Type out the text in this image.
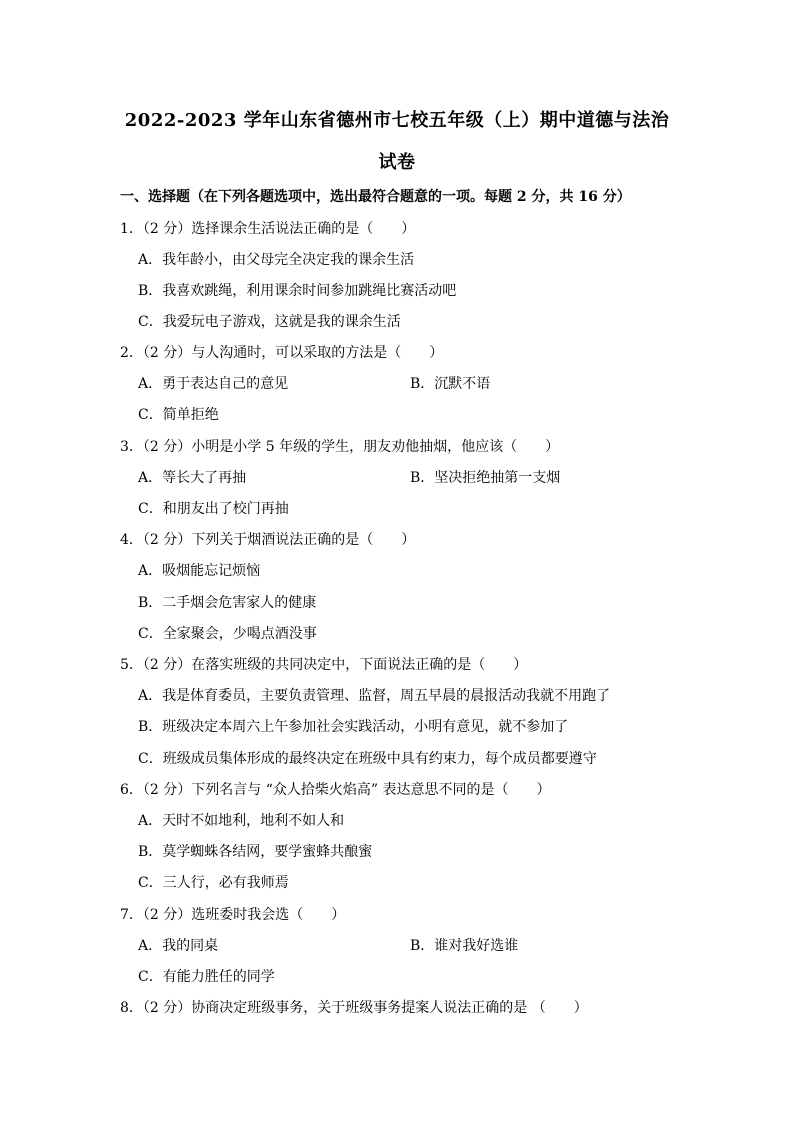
2022-2023 学年山东省德州市七校五年级（上）期中道德与法治
试卷
一、选择题（在下列各题选项中，选出最符合题意的一项。每题 2 分，共 16 分）
1．（2 分）选择课余生活说法正确的是（　　）
A．我年龄小，由父母完全决定我的课余生活
B．我喜欢跳绳，利用课余时间参加跳绳比赛活动吧
C．我爱玩电子游戏，这就是我的课余生活
2．（2 分）与人沟通时，可以采取的方法是（　　）
A．勇于表达自己的意见	B．沉默不语
C．简单拒绝
3．（2 分）小明是小学 5 年级的学生，朋友劝他抽烟，他应该（　　）
A．等长大了再抽	B．坚决拒绝抽第一支烟
C．和朋友出了校门再抽
4．（2 分）下列关于烟酒说法正确的是（　　）
A．吸烟能忘记烦恼
B．二手烟会危害家人的健康
C．全家聚会，少喝点酒没事
5．（2 分）在落实班级的共同决定中，下面说法正确的是（　　）
A．我是体育委员，主要负责管理、监督，周五早晨的晨报活动我就不用跑了
B．班级决定本周六上午参加社会实践活动，小明有意见，就不参加了
C．班级成员集体形成的最终决定在班级中具有约束力，每个成员都要遵守
6．（2 分）下列名言与 “众人拾柴火焰高” 表达意思不同的是（　　）
A．天时不如地利，地利不如人和
B．莫学蜘蛛各结网，要学蜜蜂共酿蜜
C．三人行，必有我师焉
7．（2 分）选班委时我会选（　　）
A．我的同桌	B．谁对我好选谁
C．有能力胜任的同学
8．（2 分）协商决定班级事务，关于班级事务提案人说法正确的是 （　　）
